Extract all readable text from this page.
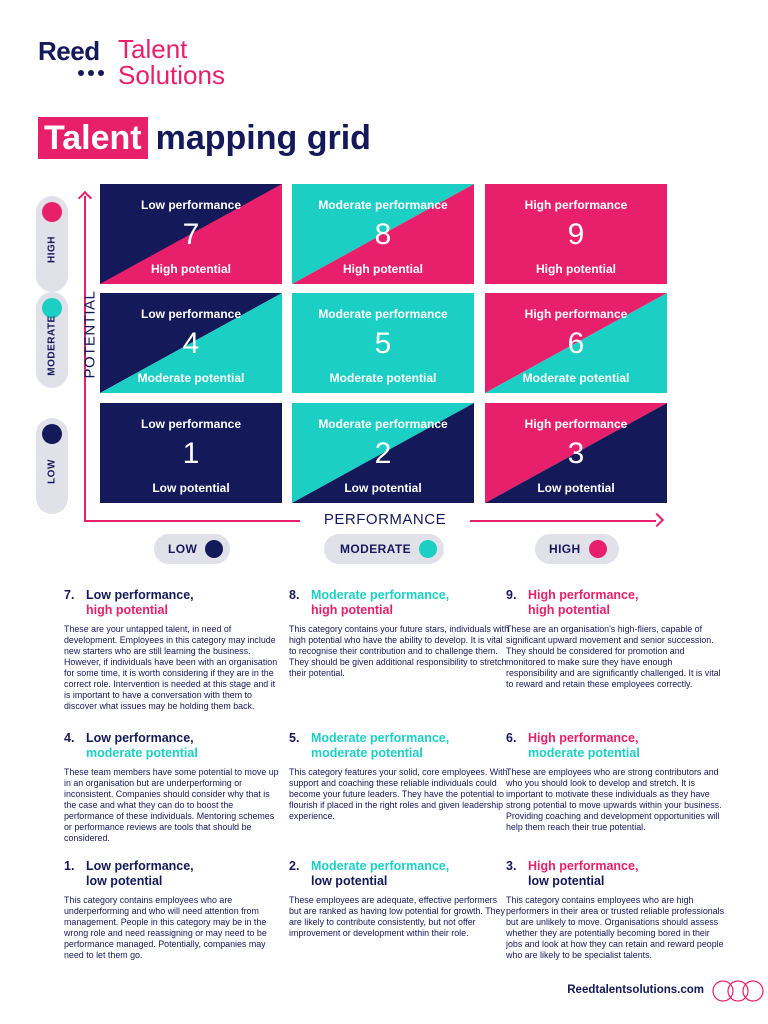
Reed Talent
Solutions
Talent mapping grid
HIGH
MODERATE
LOW
POTENTIAL
PERFORMANCE
Low performance
7
High potential
Moderate performance
8
High potential
High performance
9
High potential
Low performance
4
Moderate potential
Moderate performance
5
Moderate potential
High performance
6
Moderate potential
Low performance
1
Low potential
Moderate performance
2
Low potential
High performance
3
Low potential
LOW	MODERATE	HIGH
7. Low performance,
high potential
These are your untapped talent, in need of development. Employees in this category may include new starters who are still learning the business. However, if individuals have been with an organisation for some time, it is worth considering if they are in the correct role. Intervention is needed at this stage and it is important to have a conversation with them to discover what issues may be holding them back.
8. Moderate performance,
high potential
This category contains your future stars, individuals with high potential who have the ability to develop. It is vital to recognise their contribution and to challenge them. They should be given additional responsibility to stretch their potential.
9. High performance,
high potential
These are an organisation's high-fliers, capable of significant upward movement and senior succession. They should be considered for promotion and monitored to make sure they have enough responsibility and are significantly challenged. It is vital to reward and retain these employees correctly.
4. Low performance,
moderate potential
These team members have some potential to move up in an organisation but are underperforming or inconsistent. Companies should consider why that is the case and what they can do to boost the performance of these individuals. Mentoring schemes or performance reviews are tools that should be considered.
5. Moderate performance,
moderate potential
This category features your solid, core employees. With support and coaching these reliable individuals could become your future leaders. They have the potential to flourish if placed in the right roles and given leadership experience.
6. High performance,
moderate potential
These are employees who are strong contributors and who you should look to develop and stretch. It is important to motivate these individuals as they have strong potential to move upwards within your business. Providing coaching and development opportunities will help them reach their true potential.
1. Low performance,
low potential
This category contains employees who are underperforming and who will need attention from management. People in this category may be in the wrong role and need reassigning or may need to be performance managed. Potentially, companies may need to let them go.
2. Moderate performance,
low potential
These employees are adequate, effective performers but are ranked as having low potential for growth. They are likely to contribute consistently, but not offer improvement or development within their role.
3. High performance,
low potential
This category contains employees who are high performers in their area or trusted reliable professionals but are unlikely to move. Organisations should assess whether they are potentially becoming bored in their jobs and look at how they can retain and reward people who are likely to be specialist talents.
Reedtalentsolutions.com
